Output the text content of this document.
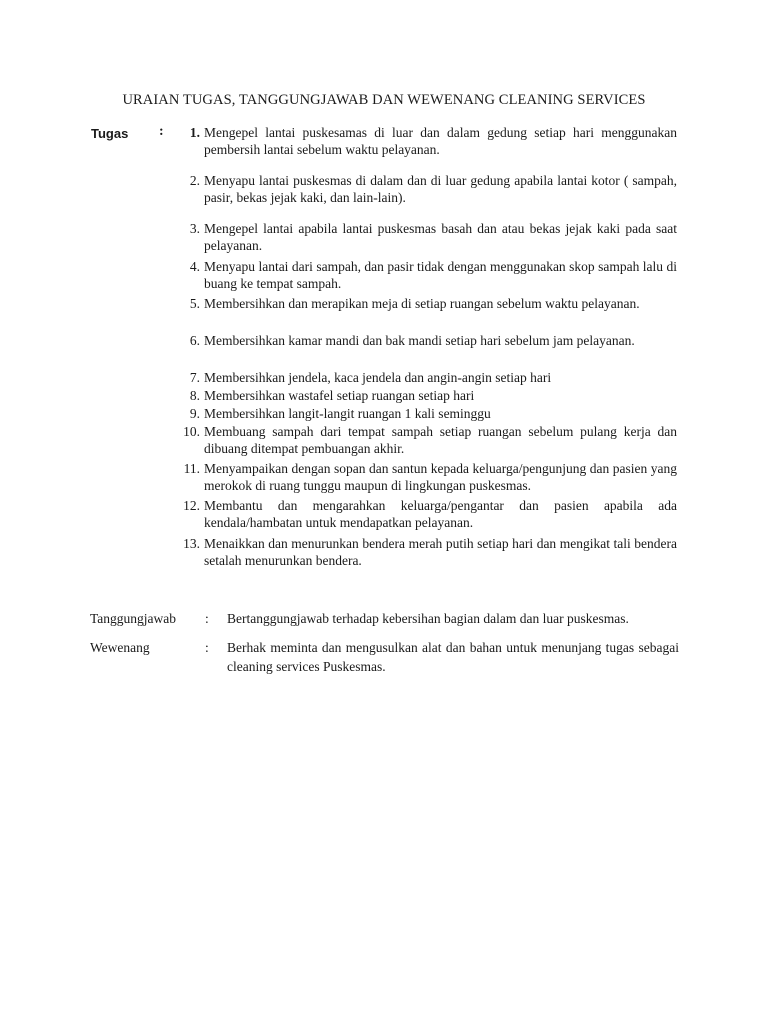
URAIAN TUGAS, TANGGUNGJAWAB DAN WEWENANG CLEANING SERVICES
Tugas :	1. Mengepel lantai puskesamas di luar dan dalam gedung setiap hari menggunakan pembersih lantai sebelum waktu pelayanan.
2. Menyapu lantai puskesmas di dalam dan di luar gedung apabila lantai kotor ( sampah, pasir, bekas jejak kaki, dan lain-lain).
3. Mengepel lantai apabila lantai puskesmas basah dan atau bekas jejak kaki pada saat pelayanan.
4. Menyapu lantai dari sampah, dan pasir tidak dengan menggunakan skop sampah lalu di buang ke tempat sampah.
5. Membersihkan dan merapikan meja di setiap ruangan sebelum waktu pelayanan.
6. Membersihkan kamar mandi dan bak mandi setiap hari sebelum jam pelayanan.
7. Membersihkan jendela, kaca jendela dan angin-angin setiap hari
8. Membersihkan wastafel setiap ruangan setiap hari
9. Membersihkan langit-langit ruangan 1 kali seminggu
10. Membuang sampah dari tempat sampah setiap ruangan sebelum pulang kerja dan dibuang ditempat pembuangan akhir.
11. Menyampaikan dengan sopan dan santun kepada keluarga/pengunjung dan pasien yang merokok di ruang tunggu maupun di lingkungan puskesmas.
12. Membantu dan mengarahkan keluarga/pengantar dan pasien apabila ada kendala/hambatan untuk mendapatkan pelayanan.
13. Menaikkan dan menurunkan bendera merah putih setiap hari dan mengikat tali bendera setalah menurunkan bendera.
Tanggungjawab : Bertanggungjawab terhadap kebersihan bagian dalam dan luar puskesmas.
Wewenang	: Berhak meminta dan mengusulkan alat dan bahan untuk menunjang tugas sebagai cleaning services Puskesmas.
